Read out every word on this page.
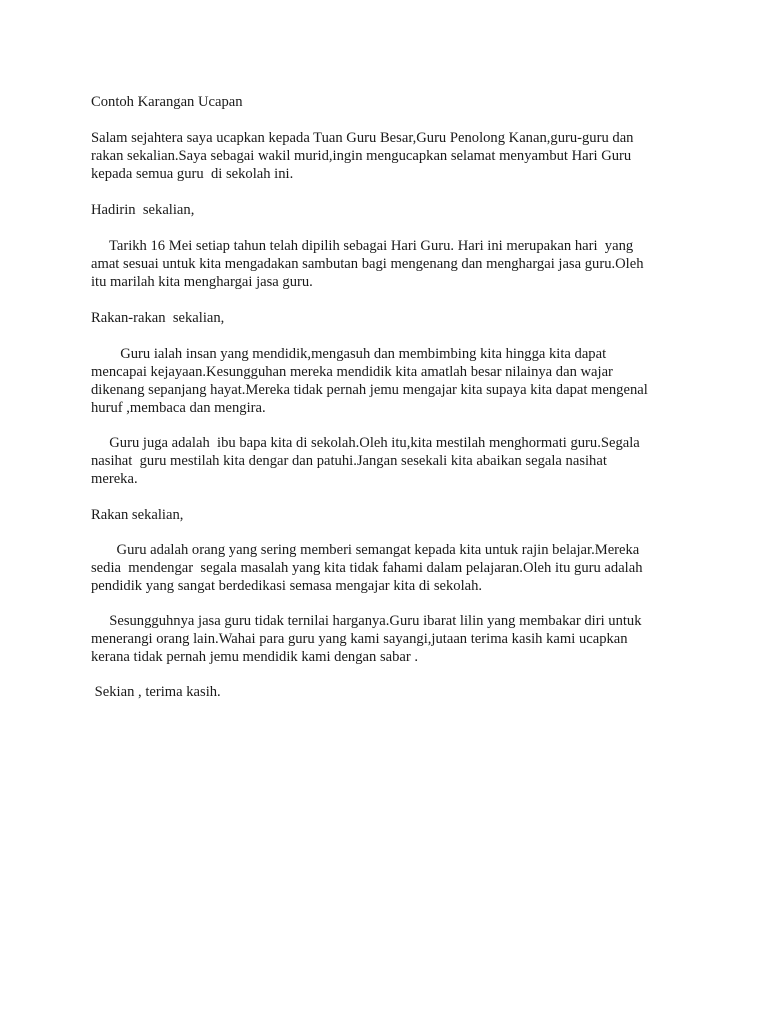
Contoh Karangan Ucapan
Salam sejahtera saya ucapkan kepada Tuan Guru Besar,Guru Penolong Kanan,guru-guru dan
rakan sekalian.Saya sebagai wakil murid,ingin mengucapkan selamat menyambut Hari Guru
kepada semua guru  di sekolah ini.
Hadirin  sekalian,
Tarikh 16 Mei setiap tahun telah dipilih sebagai Hari Guru. Hari ini merupakan hari  yang
amat sesuai untuk kita mengadakan sambutan bagi mengenang dan menghargai jasa guru.Oleh
itu marilah kita menghargai jasa guru.
Rakan-rakan  sekalian,
Guru ialah insan yang mendidik,mengasuh dan membimbing kita hingga kita dapat
mencapai kejayaan.Kesungguhan mereka mendidik kita amatlah besar nilainya dan wajar
dikenang sepanjang hayat.Mereka tidak pernah jemu mengajar kita supaya kita dapat mengenal
huruf ,membaca dan mengira.
Guru juga adalah  ibu bapa kita di sekolah.Oleh itu,kita mestilah menghormati guru.Segala
nasihat  guru mestilah kita dengar dan patuhi.Jangan sesekali kita abaikan segala nasihat
mereka.
Rakan sekalian,
Guru adalah orang yang sering memberi semangat kepada kita untuk rajin belajar.Mereka
sedia  mendengar  segala masalah yang kita tidak fahami dalam pelajaran.Oleh itu guru adalah
pendidik yang sangat berdedikasi semasa mengajar kita di sekolah.
Sesungguhnya jasa guru tidak ternilai harganya.Guru ibarat lilin yang membakar diri untuk
menerangi orang lain.Wahai para guru yang kami sayangi,jutaan terima kasih kami ucapkan
kerana tidak pernah jemu mendidik kami dengan sabar .
Sekian , terima kasih.
